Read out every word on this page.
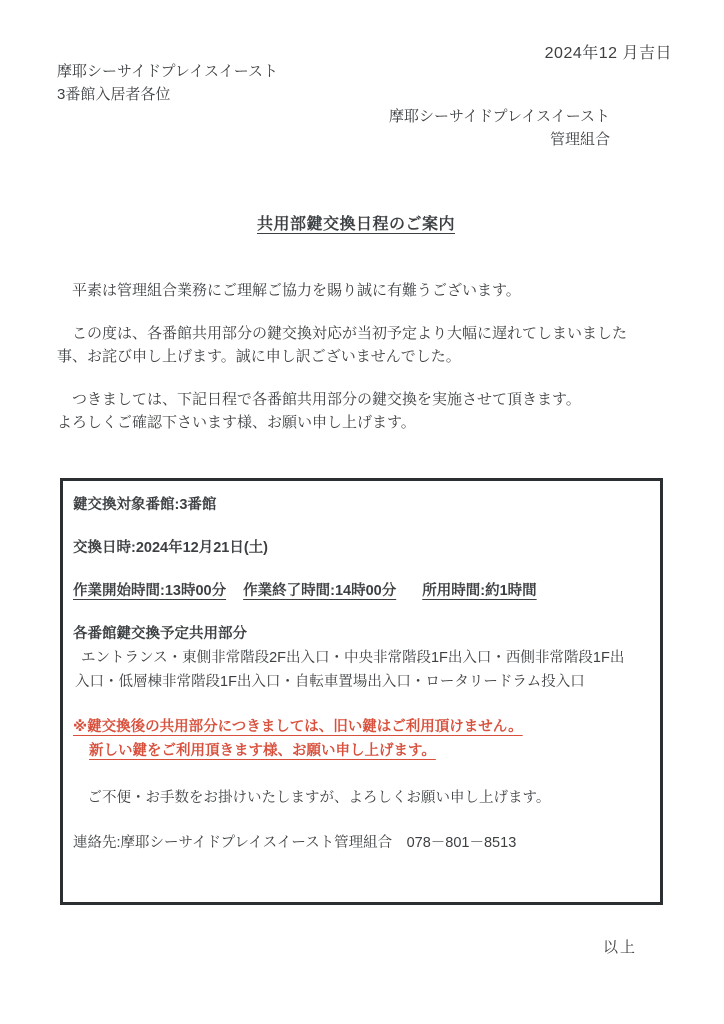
2024年12 月吉日
摩耶シーサイドプレイスイースト
3番館入居者各位
摩耶シーサイドプレイスイースト
管理組合
共用部鍵交換日程のご案内

　平素は管理組合業務にご理解ご協力を賜り誠に有難うございます。

　この度は、各番館共用部分の鍵交換対応が当初予定より大幅に遅れてしまいました
事、お詫び申し上げます。誠に申し訳ございませんでした。

　つきましては、下記日程で各番館共用部分の鍵交換を実施させて頂きます。
よろしくご確認下さいます様、お願い申し上げます。

鍵交換対象番館:3番館
交換日時:2024年12月21日(土)
作業開始時間:13時00分 作業終了時間:14時00分 所用時間:約1時間
各番館鍵交換予定共用部分
エントランス・東側非常階段2F出入口・中央非常階段1F出入口・西側非常階段1F出
入口・低層棟非常階段1F出入口・自転車置場出入口・ロータリードラム投入口
※鍵交換後の共用部分につきましては、旧い鍵はご利用頂けません。
新しい鍵をご利用頂きます様、お願い申し上げます。
　ご不便・お手数をお掛けいたしますが、よろしくお願い申し上げます。
連絡先:摩耶シーサイドプレイスイースト管理組合　078－801－8513
以上
